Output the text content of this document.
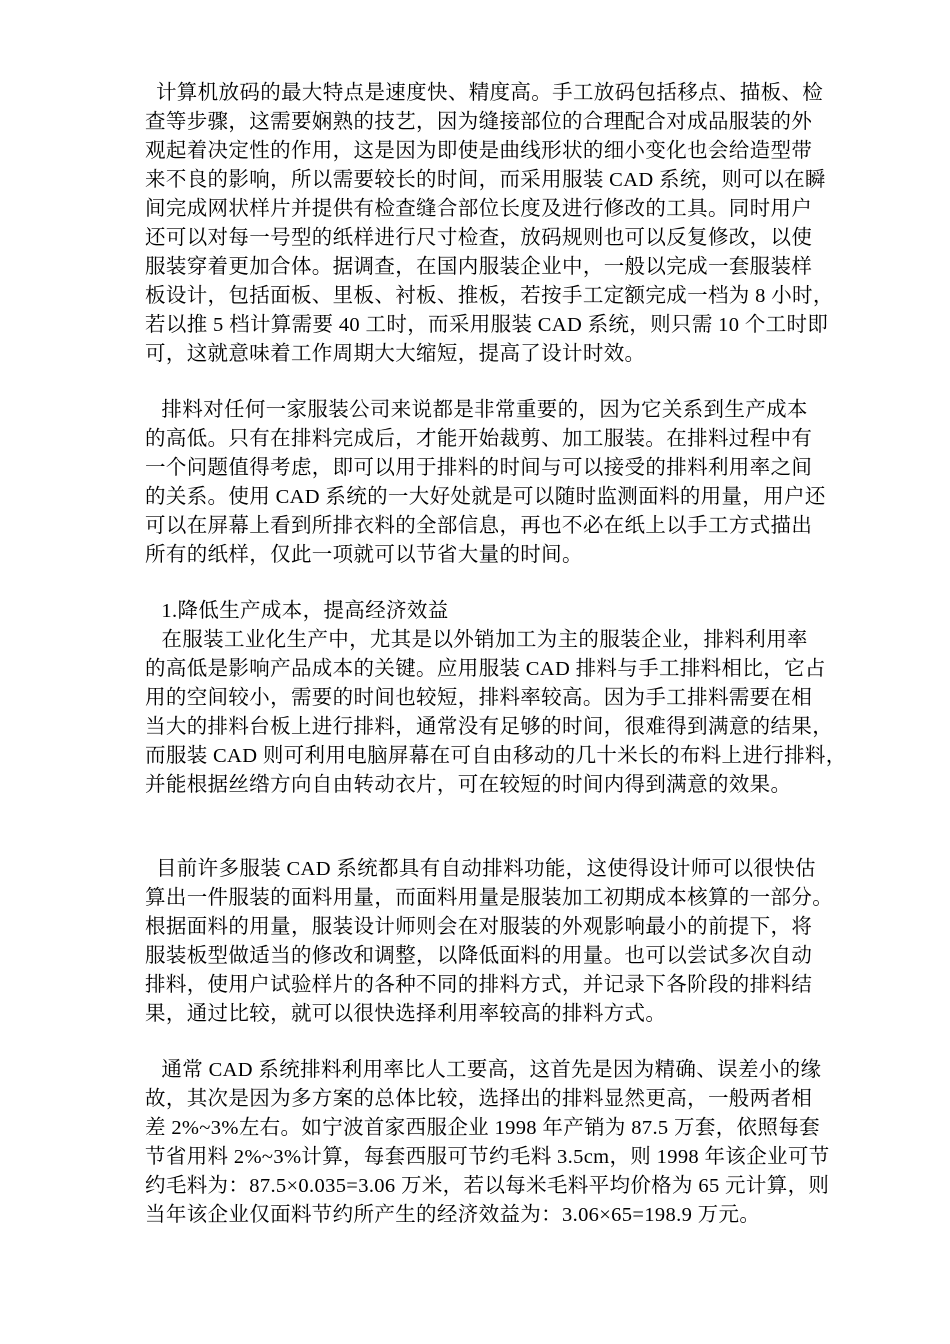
计算机放码的最大特点是速度快、精度高。手工放码包括移点、描板、检

查等步骤，这需要娴熟的技艺，因为缝接部位的合理配合对成品服装的外

观起着决定性的作用，这是因为即使是曲线形状的细小变化也会给造型带

来不良的影响，所以需要较长的时间，而采用服装 CAD 系统，则可以在瞬

间完成网状样片并提供有检查缝合部位长度及进行修改的工具。同时用户

还可以对每一号型的纸样进行尺寸检查，放码规则也可以反复修改，以使

服装穿着更加合体。据调查，在国内服装企业中，一般以完成一套服装样

板设计，包括面板、里板、衬板、推板，若按手工定额完成一档为 8 小时，

若以推 5 档计算需要 40 工时，而采用服装 CAD 系统，则只需 10 个工时即

可，这就意味着工作周期大大缩短，提高了设计时效。

排料对任何一家服装公司来说都是非常重要的，因为它关系到生产成本

的高低。只有在排料完成后，才能开始裁剪、加工服装。在排料过程中有

一个问题值得考虑，即可以用于排料的时间与可以接受的排料利用率之间

的关系。使用 CAD 系统的一大好处就是可以随时监测面料的用量，用户还

可以在屏幕上看到所排衣料的全部信息，再也不必在纸上以手工方式描出

所有的纸样，仅此一项就可以节省大量的时间。

1.降低生产成本，提高经济效益

在服装工业化生产中，尤其是以外销加工为主的服装企业，排料利用率

的高低是影响产品成本的关键。应用服装 CAD 排料与手工排料相比，它占

用的空间较小，需要的时间也较短，排料率较高。因为手工排料需要在相

当大的排料台板上进行排料，通常没有足够的时间，很难得到满意的结果，

而服装 CAD 则可利用电脑屏幕在可自由移动的几十米长的布料上进行排料，

并能根据丝绺方向自由转动衣片，可在较短的时间内得到满意的效果。

目前许多服装 CAD 系统都具有自动排料功能，这使得设计师可以很快估

算出一件服装的面料用量，而面料用量是服装加工初期成本核算的一部分。

根据面料的用量，服装设计师则会在对服装的外观影响最小的前提下，将

服装板型做适当的修改和调整，以降低面料的用量。也可以尝试多次自动

排料，使用户试验样片的各种不同的排料方式，并记录下各阶段的排料结

果，通过比较，就可以很快选择利用率较高的排料方式。

通常 CAD 系统排料利用率比人工要高，这首先是因为精确、误差小的缘

故，其次是因为多方案的总体比较，选择出的排料显然更高，一般两者相

差 2%~3%左右。如宁波首家西服企业 1998 年产销为 87.5 万套，依照每套

节省用料 2%~3%计算，每套西服可节约毛料 3.5cm，则 1998 年该企业可节

约毛料为：87.5×0.035=3.06 万米，若以每米毛料平均价格为 65 元计算，则

当年该企业仅面料节约所产生的经济效益为：3.06×65=198.9 万元。
